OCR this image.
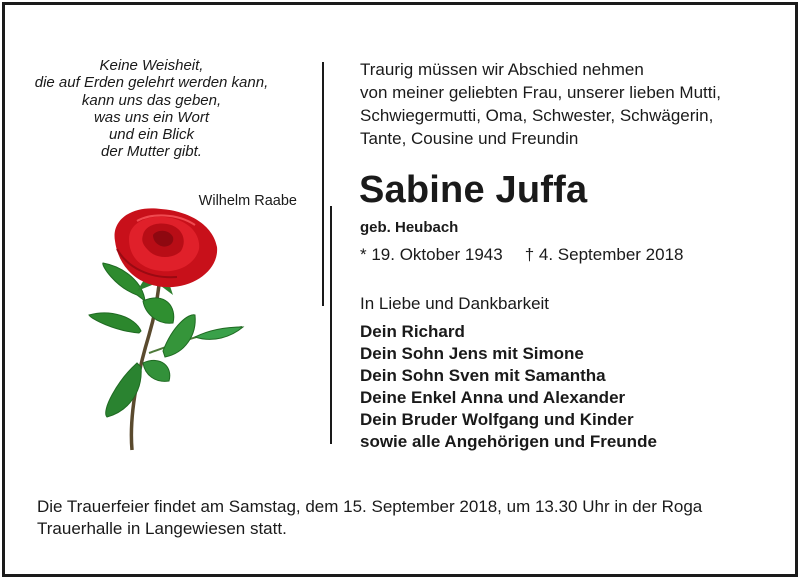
Keine Weisheit,
die auf Erden gelehrt werden kann,
kann uns das geben,
was uns ein Wort
und ein Blick
der Mutter gibt.
Wilhelm Raabe
Traurig müssen wir Abschied nehmen
von meiner geliebten Frau, unserer lieben Mutti,
Schwiegermutti, Oma, Schwester, Schwägerin,
Tante, Cousine und Freundin
Sabine Juffa
geb. Heubach
* 19. Oktober 1943 † 4. September 2018
In Liebe und Dankbarkeit
Dein Richard
Dein Sohn Jens mit Simone
Dein Sohn Sven mit Samantha
Deine Enkel Anna und Alexander
Dein Bruder Wolfgang und Kinder
sowie alle Angehörigen und Freunde
Die Trauerfeier findet am Samstag, dem 15. September 2018, um 13.30 Uhr in der Roga Trauerhalle in Langewiesen statt.
